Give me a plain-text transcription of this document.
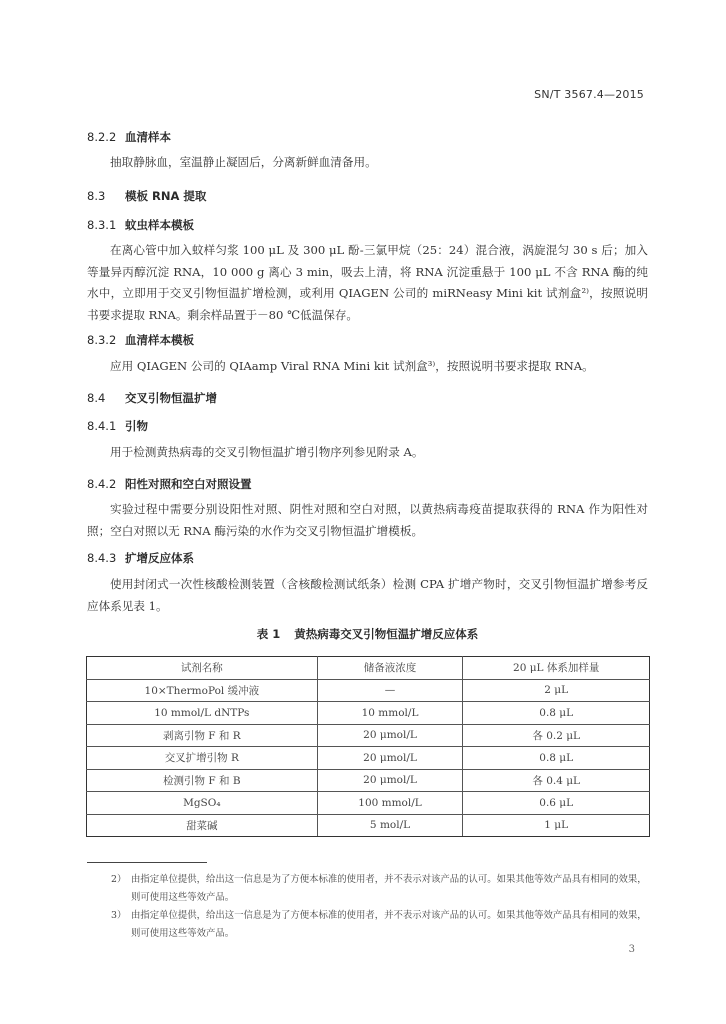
SN/T 3567.4—2015
8.2.2 血清样本
抽取静脉血，室温静止凝固后，分离新鲜血清备用。
8.3 模板 RNA 提取
8.3.1 蚊虫样本模板
在离心管中加入蚊样匀浆 100 μL 及 300 μL 酚-三氯甲烷（25：24）混合液，涡旋混匀 30 s 后；加入等量异丙醇沉淀 RNA，10 000 g 离心 3 min，吸去上清，将 RNA 沉淀重悬于 100 μL 不含 RNA 酶的纯水中，立即用于交叉引物恒温扩增检测，或利用 QIAGEN 公司的 miRNeasy Mini kit 试剂盒²⁾，按照说明书要求提取 RNA。剩余样品置于－80 ℃低温保存。
8.3.2 血清样本模板
应用 QIAGEN 公司的 QIAamp Viral RNA Mini kit 试剂盒³⁾，按照说明书要求提取 RNA。
8.4 交叉引物恒温扩增
8.4.1 引物
用于检测黄热病毒的交叉引物恒温扩增引物序列参见附录 A。
8.4.2 阳性对照和空白对照设置
实验过程中需要分别设阳性对照、阴性对照和空白对照，以黄热病毒疫苗提取获得的 RNA 作为阳性对照；空白对照以无 RNA 酶污染的水作为交叉引物恒温扩增模板。
8.4.3 扩增反应体系
使用封闭式一次性核酸检测装置（含核酸检测试纸条）检测 CPA 扩增产物时，交叉引物恒温扩增参考反应体系见表 1。
表 1 黄热病毒交叉引物恒温扩增反应体系
试剂名称	储备液浓度	20 μL 体系加样量
10×ThermoPol 缓冲液	—	2 μL
10 mmol/L dNTPs	10 mmol/L	0.8 μL
剥离引物 F 和 R	20 μmol/L	各 0.2 μL
交叉扩增引物 R	20 μmol/L	0.8 μL
检测引物 F 和 B	20 μmol/L	各 0.4 μL
MgSO₄	100 mmol/L	0.6 μL
甜菜碱	5 mol/L	1 μL
2） 由指定单位提供，给出这一信息是为了方便本标准的使用者，并不表示对该产品的认可。如果其他等效产品具有相同的效果，则可使用这些等效产品。
3） 由指定单位提供，给出这一信息是为了方便本标准的使用者，并不表示对该产品的认可。如果其他等效产品具有相同的效果，则可使用这些等效产品。
3
